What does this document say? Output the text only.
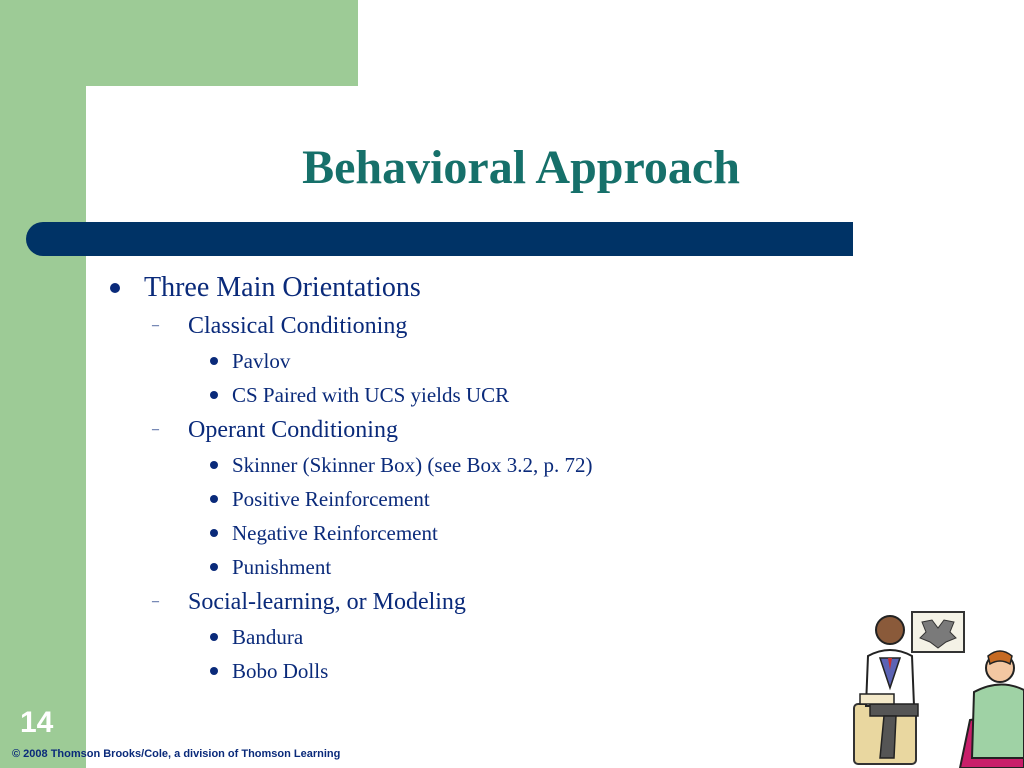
Behavioral Approach
Three Main Orientations
–	Classical Conditioning
Pavlov
CS Paired with UCS yields UCR
–	Operant Conditioning
Skinner (Skinner Box) (see Box 3.2, p. 72)
Positive Reinforcement
Negative Reinforcement
Punishment
–	Social-learning, or Modeling
Bandura
Bobo Dolls
14
© 2008 Thomson Brooks/Cole, a division of Thomson Learning
